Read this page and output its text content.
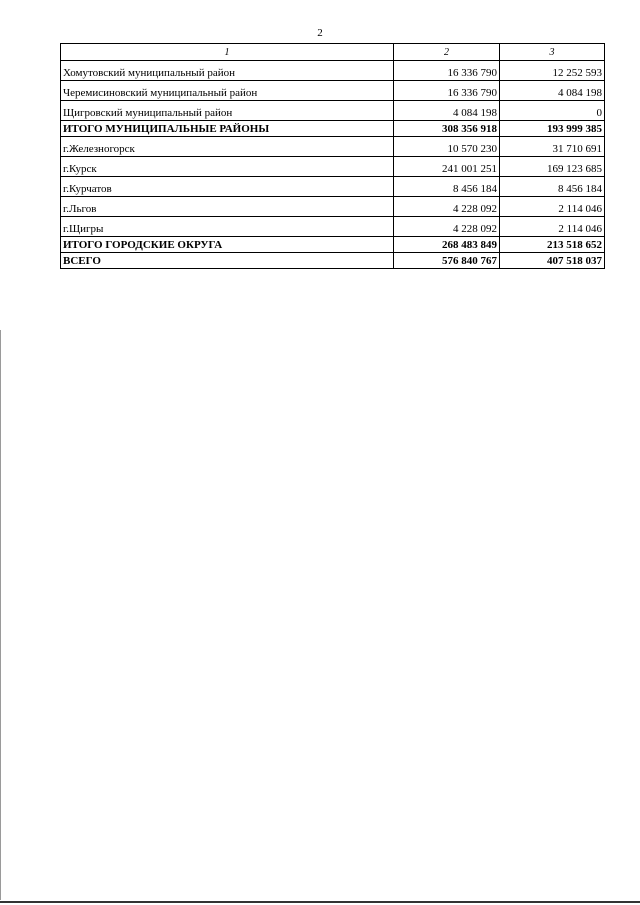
2
1	2	3
Хомутовский муниципальный район	16 336 790	12 252 593
Черемисиновский муниципальный район	16 336 790	4 084 198
Щигровский муниципальный район	4 084 198	0
ИТОГО МУНИЦИПАЛЬНЫЕ РАЙОНЫ	308 356 918	193 999 385
г.Железногорск	10 570 230	31 710 691
г.Курск	241 001 251	169 123 685
г.Курчатов	8 456 184	8 456 184
г.Льгов	4 228 092	2 114 046
г.Щигры	4 228 092	2 114 046
ИТОГО ГОРОДСКИЕ ОКРУГА	268 483 849	213 518 652
ВСЕГО	576 840 767	407 518 037
